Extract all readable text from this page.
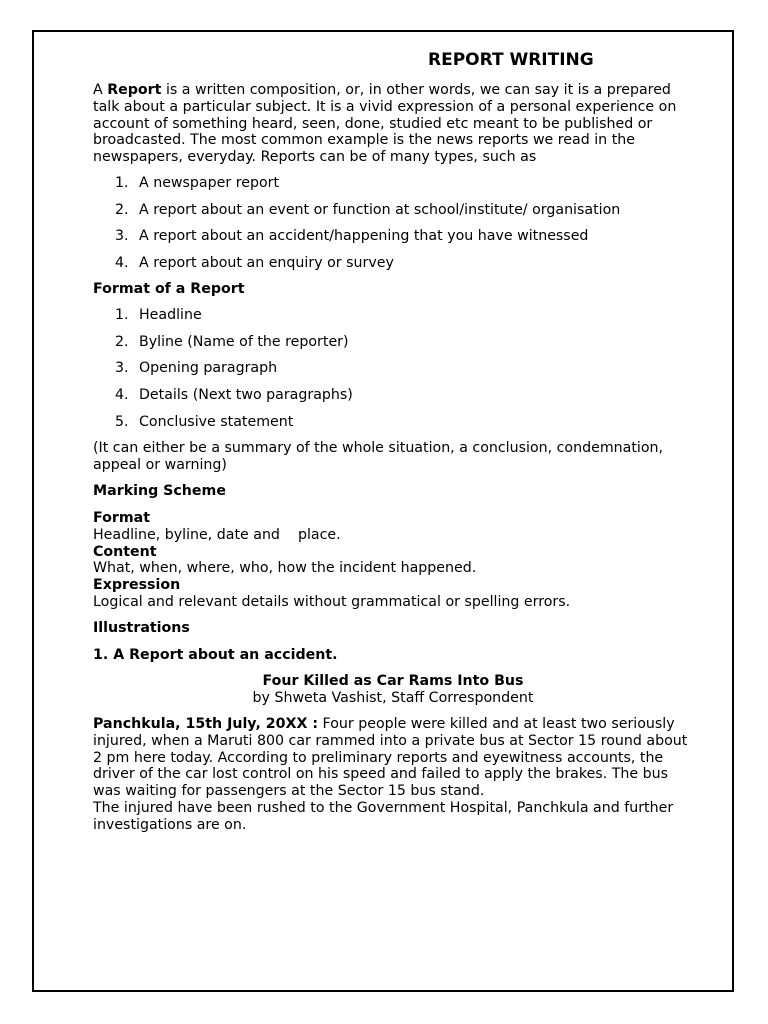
REPORT WRITING

A Report is a written composition, or, in other words, we can say it is a prepared talk about a particular subject. It is a vivid expression of a personal experience on account of something heard, seen, done, studied etc meant to be published or broadcasted. The most common example is the news reports we read in the newspapers, everyday. Reports can be of many types, such as

1. A newspaper report
2. A report about an event or function at school/institute/ organisation
3. A report about an accident/happening that you have witnessed
4. A report about an enquiry or survey

Format of a Report

1. Headline
2. Byline (Name of the reporter)
3. Opening paragraph
4. Details (Next two paragraphs)
5. Conclusive statement

(It can either be a summary of the whole situation, a conclusion, condemnation, appeal or warning)

Marking Scheme

Format
Headline, byline, date and    place.
Content
What, when, where, who, how the incident happened.
Expression
Logical and relevant details without grammatical or spelling errors.

Illustrations

1. A Report about an accident.

Four Killed as Car Rams Into Bus

by Shweta Vashist, Staff Correspondent

Panchkula, 15th July, 20XX : Four people were killed and at least two seriously injured, when a Maruti 800 car rammed into a private bus at Sector 15 round about 2 pm here today. According to preliminary reports and eyewitness accounts, the driver of the car lost control on his speed and failed to apply the brakes. The bus was waiting for passengers at the Sector 15 bus stand.
The injured have been rushed to the Government Hospital, Panchkula and further investigations are on.
